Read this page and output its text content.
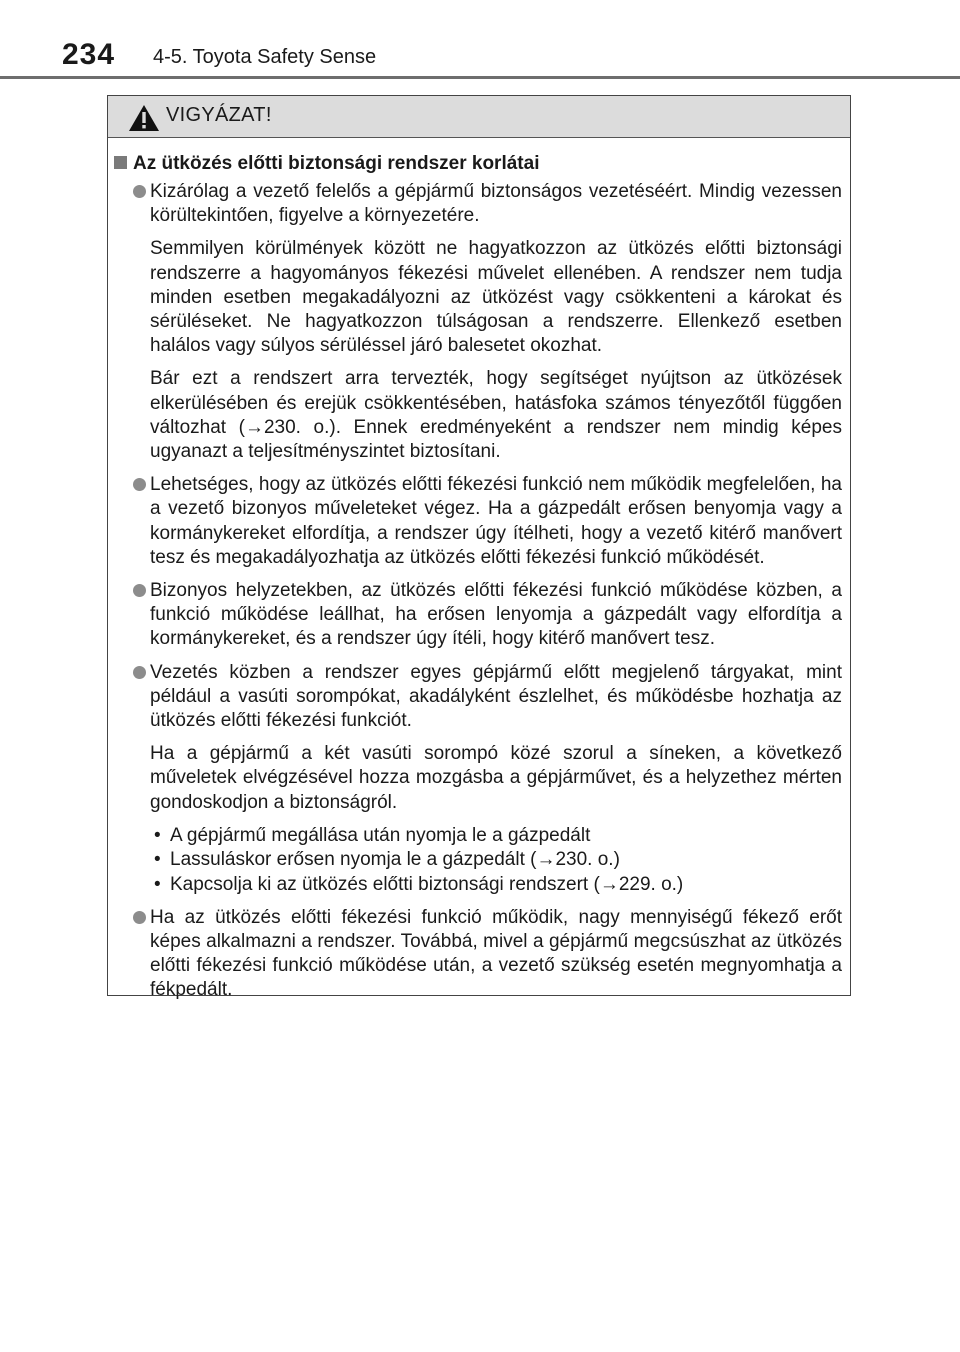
234 4-5. Toyota Safety Sense
VIGYÁZAT!
Az ütközés előtti biztonsági rendszer korlátai

Kizárólag a vezető felelős a gépjármű biztonságos vezetéséért. Mindig vezessen körültekintően, figyelve a környezetére.

Semmilyen körülmények között ne hagyatkozzon az ütközés előtti biztonsági rendszerre a hagyományos fékezési művelet ellenében. A rendszer nem tudja minden esetben megakadályozni az ütközést vagy csökkenteni a károkat és sérüléseket. Ne hagyatkozzon túlságosan a rendszerre. Ellenkező esetben halálos vagy súlyos sérüléssel járó balesetet okozhat.

Bár ezt a rendszert arra tervezték, hogy segítséget nyújtson az ütközések elkerülésében és erejük csökkentésében, hatásfoka számos tényezőtől függően változhat (→230. o.). Ennek eredményeként a rendszer nem mindig képes ugyanazt a teljesítményszintet biztosítani.

Lehetséges, hogy az ütközés előtti fékezési funkció nem működik megfelelően, ha a vezető bizonyos műveleteket végez. Ha a gázpedált erősen benyomja vagy a kormánykereket elfordítja, a rendszer úgy ítélheti, hogy a vezető kitérő manővert tesz és megakadályozhatja az ütközés előtti fékezési funkció működését.

Bizonyos helyzetekben, az ütközés előtti fékezési funkció működése közben, a funkció működése leállhat, ha erősen lenyomja a gázpedált vagy elfordítja a kormánykereket, és a rendszer úgy ítéli, hogy kitérő manővert tesz.

Vezetés közben a rendszer egyes gépjármű előtt megjelenő tárgyakat, mint például a vasúti sorompókat, akadályként észlelhet, és működésbe hozhatja az ütközés előtti fékezési funkciót.

Ha a gépjármű a két vasúti sorompó közé szorul a síneken, a következő műveletek elvégzésével hozza mozgásba a gépjárművet, és a helyzethez mérten gondoskodjon a biztonságról.

• A gépjármű megállása után nyomja le a gázpedált
• Lassuláskor erősen nyomja le a gázpedált (→230. o.)
• Kapcsolja ki az ütközés előtti biztonsági rendszert (→229. o.)

Ha az ütközés előtti fékezési funkció működik, nagy mennyiségű fékező erőt képes alkalmazni a rendszer. Továbbá, mivel a gépjármű megcsúszhat az ütközés előtti fékezési funkció működése után, a vezető szükség esetén megnyomhatja a fékpedált.
